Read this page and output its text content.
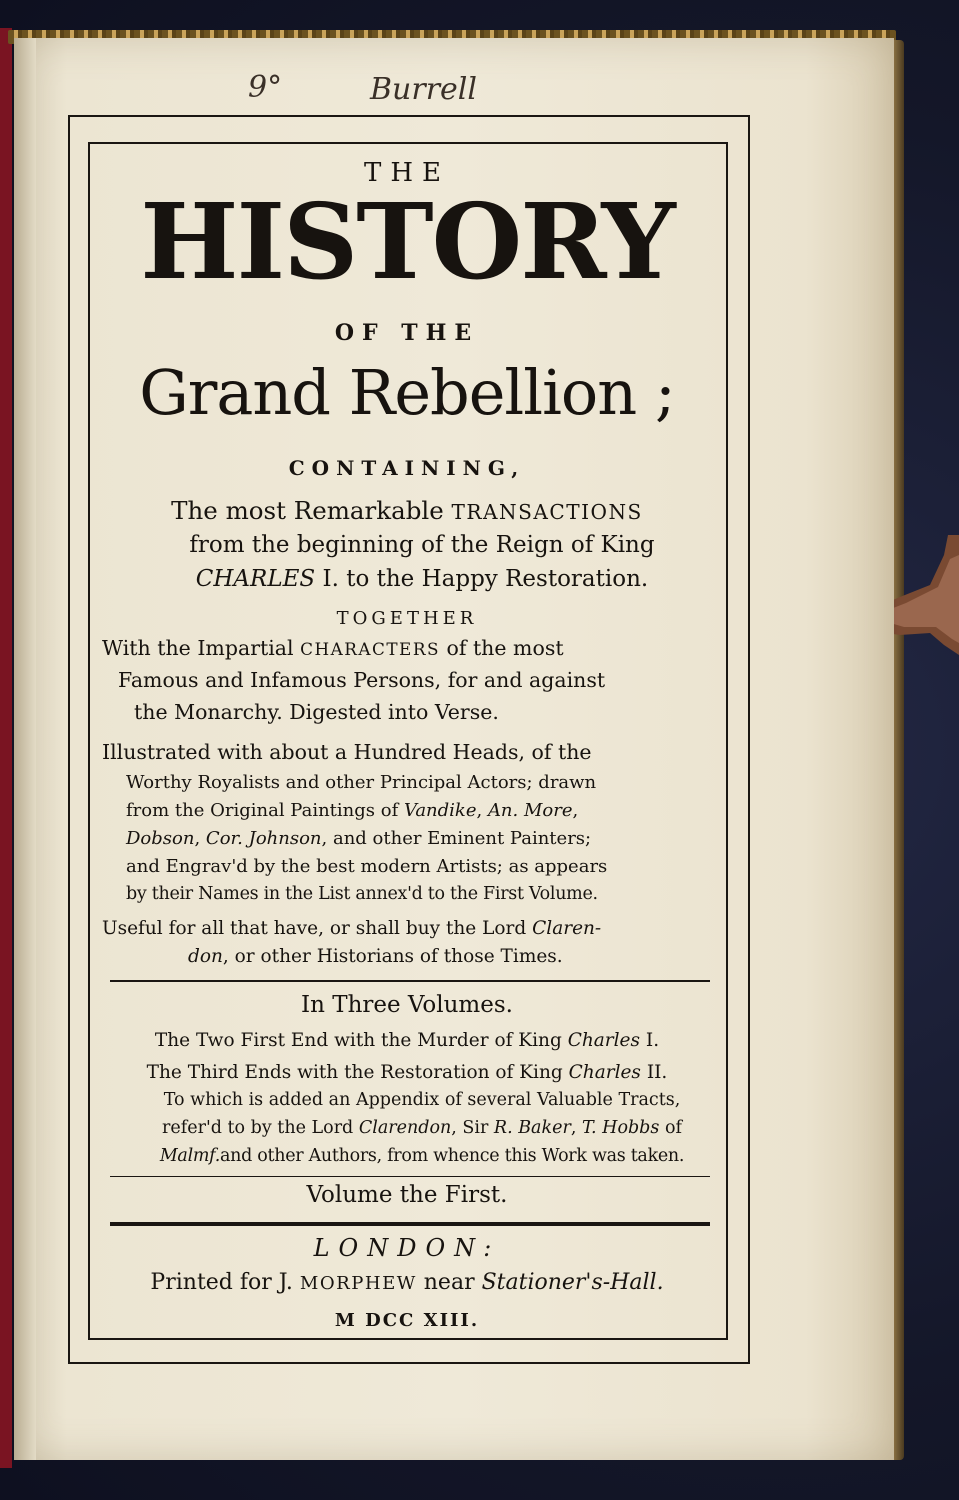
9°	Burrell
THE
HISTORY
OF THE
Grand Rebellion ;
CONTAINING,
The most Remarkable TRANSACTIONS
from the beginning of the Reign of King
CHARLES I. to the Happy Restoration.
TOGETHER
With the Impartial CHARACTERS of the most
Famous and Infamous Persons, for and against
the Monarchy. Digested into Verse.
Illustrated with about a Hundred Heads, of the
Worthy Royalists and other Principal Actors; drawn
from the Original Paintings of Vandike, An. More,
Dobson, Cor. Johnson, and other Eminent Painters;
and Engrav'd by the best modern Artists; as appears
by their Names in the List annex'd to the First Volume.
Useful for all that have, or shall buy the Lord Claren-
don, or other Historians of those Times.
In Three Volumes.
The Two First End with the Murder of King Charles I.
The Third Ends with the Restoration of King Charles II.
To which is added an Appendix of several Valuable Tracts,
refer'd to by the Lord Clarendon, Sir R. Baker, T. Hobbs of
Malmf.and other Authors, from whence this Work was taken.
Volume the First.
LONDON:
Printed for J. MORPHEW near Stationer's-Hall.
M DCC XIII.
